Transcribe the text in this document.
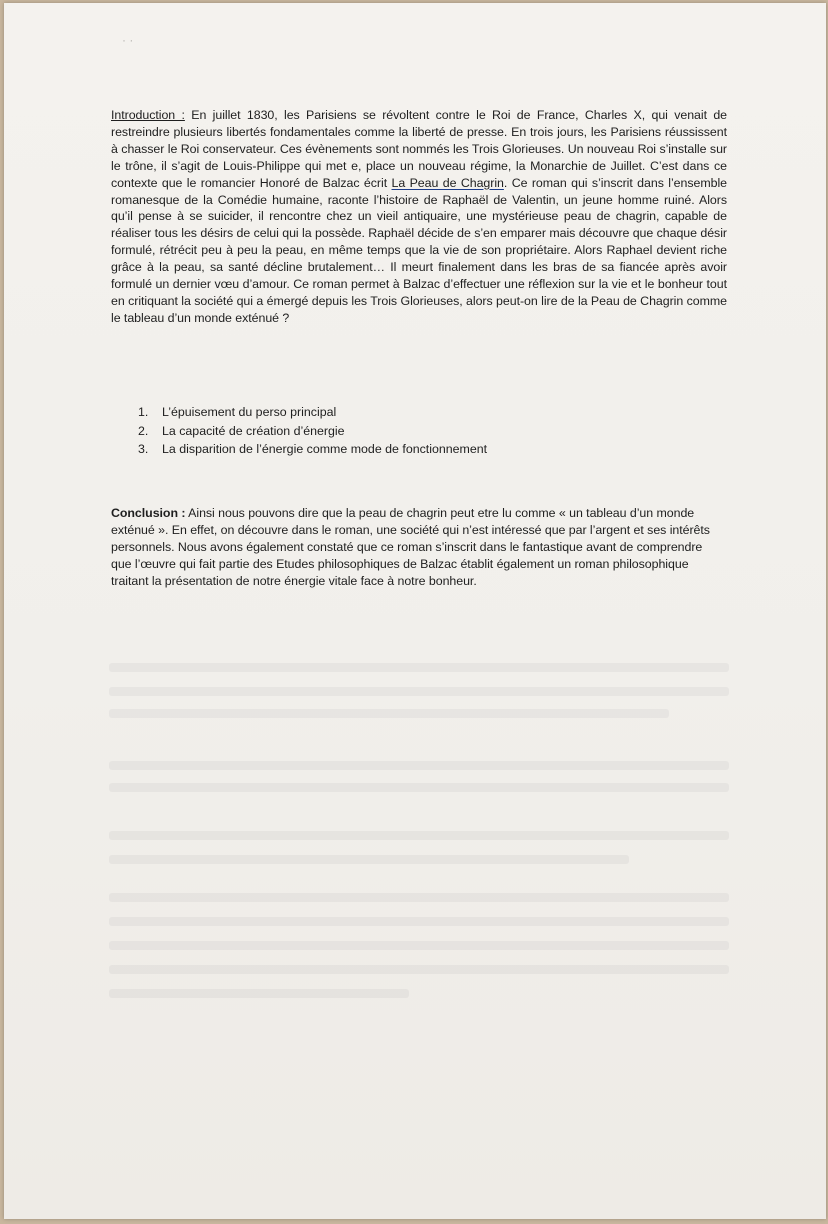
· ·
Introduction : En juillet 1830, les Parisiens se révoltent contre le Roi de France, Charles X, qui venait de restreindre plusieurs libertés fondamentales comme la liberté de presse. En trois jours, les Parisiens réussissent à chasser le Roi conservateur. Ces évènements sont nommés les Trois Glorieuses. Un nouveau Roi s’installe sur le trône, il s’agit de Louis-Philippe qui met e, place un nouveau régime, la Monarchie de Juillet. C’est dans ce contexte que le romancier Honoré de Balzac écrit La Peau de Chagrin. Ce roman qui s’inscrit dans l’ensemble romanesque de la Comédie humaine, raconte l’histoire de Raphaël de Valentin, un jeune homme ruiné. Alors qu’il pense à se suicider, il rencontre chez un vieil antiquaire, une mystérieuse peau de chagrin, capable de réaliser tous les désirs de celui qui la possède. Raphaël décide de s’en emparer mais découvre que chaque désir formulé, rétrécit peu à peu la peau, en même temps que la vie de son propriétaire. Alors Raphael devient riche grâce à la peau, sa santé décline brutalement… Il meurt finalement dans les bras de sa fiancée après avoir formulé un dernier vœu d’amour. Ce roman permet à Balzac d’effectuer une réflexion sur la vie et le bonheur tout en critiquant la société qui a émergé depuis les Trois Glorieuses, alors peut-on lire de la Peau de Chagrin comme le tableau d’un monde exténué ?
1.	L’épuisement du perso principal
2.	La capacité de création d’énergie
3.	La disparition de l’énergie comme mode de fonctionnement
Conclusion : Ainsi nous pouvons dire que la peau de chagrin peut etre lu comme « un tableau d’un monde exténué ». En effet, on découvre dans le roman, une société qui n’est intéressé que par l’argent et ses intérêts personnels. Nous avons également constaté que ce roman s’inscrit dans le fantastique avant de comprendre que l’œuvre qui fait partie des Etudes philosophiques de Balzac établit également un roman philosophique traitant la présentation de notre énergie vitale face à notre bonheur.
